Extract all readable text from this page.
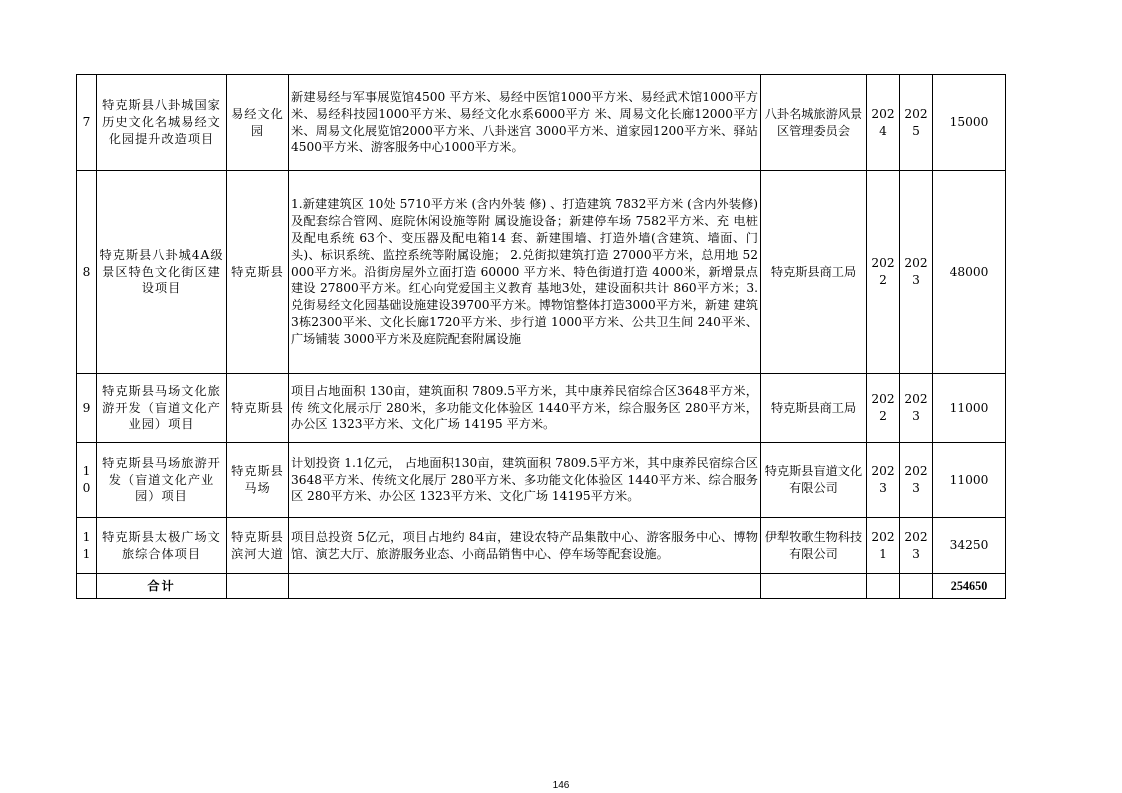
7	特克斯县八卦城国家历史文化名城易经文化园提升改造项目	易经文化园	新建易经与军事展览馆4500 平方米、易经中医馆1000平方米、易经武术馆1000平方米、易经科技园1000平方米、易经文化水系6000平方 米、周易文化长廊12000平方米、周易文化展览馆2000平方米、八卦迷宫 3000平方米、道家园1200平方米、驿站4500平方米、游客服务中心1000平方米。	八卦名城旅游风景区管理委员会	2024	2025	15000
8	特克斯县八卦城4A级景区特色文化街区建设项目	特克斯县	1.新建建筑区 10处 5710平方米 (含内外装 修) 、打造建筑 7832平方米 (含内外装修) 及配套综合管网、庭院休闲设施等附 属设施设备；新建停车场 7582平方米、充 电桩及配电系统 63个、变压器及配电箱14 套、新建围墙、打造外墙(含建筑、墙面、门头)、标识系统、监控系统等附属设施； 2.兑街拟建筑打造 27000平方米，总用地 52000平方米。沿街房屋外立面打造 60000 平方米、特色街道打造 4000米，新增景点 建设 27800平方米。红心向党爱国主义教育 基地3处，建设面积共计 860平方米；3.兑街易经文化园基础设施建设39700平方米。博物馆整体打造3000平方米，新建 建筑3栋2300平米、文化长廊1720平方米、步行道 1000平方米、公共卫生间 240平米、广场铺装 3000平方米及庭院配套附属设施	特克斯县商工局	2022	2023	48000
9	特克斯县马场文化旅游开发（盲道文化产业园）项目	特克斯县	项目占地面积 130亩，建筑面积 7809.5平方米，其中康养民宿综合区3648平方米，传 统文化展示厅 280米，多功能文化体验区 1440平方米，综合服务区 280平方米，办公区 1323平方米、文化广场 14195 平方米。	特克斯县商工局	2022	2023	11000
10	特克斯县马场旅游开发（盲道文化产业园）项目	特克斯县 马场	计划投资 1.1亿元， 占地面积130亩，建筑面积 7809.5平方米，其中康养民宿综合区 3648平方米、传统文化展厅 280平方米、多功能文化体验区 1440平方米、综合服务区 280平方米、办公区 1323平方米、文化广场 14195平方米。	特克斯县盲道文化 有限公司	2023	2023	11000
11	特克斯县太极广场文旅综合体项目	特克斯县 滨河大道	项目总投资 5亿元，项目占地约 84亩，建设农特产品集散中心、游客服务中心、博物馆、演艺大厅、旅游服务业态、小商品销售中心、停车场等配套设施。	伊犁牧歌生物科技有限公司	2021	2023	34250
	合计						254650
146
